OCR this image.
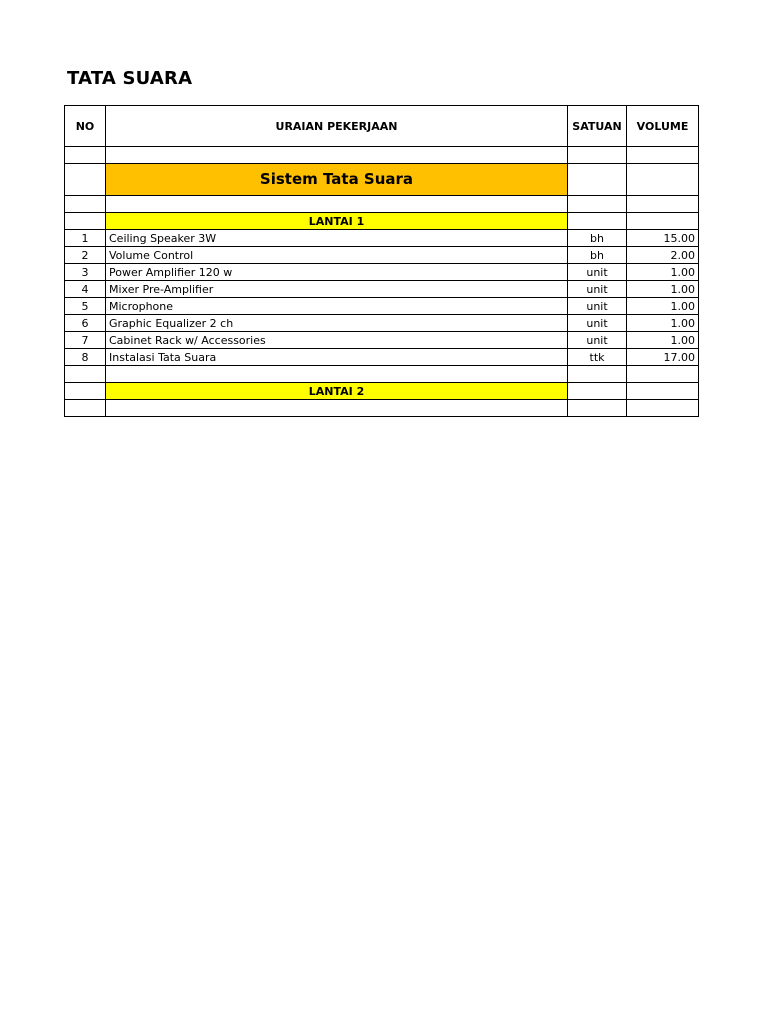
TATA SUARA
NO	URAIAN PEKERJAAN	SATUAN	VOLUME

	Sistem Tata Suara		

	LANTAI 1		
1	Ceiling Speaker 3W	bh	15.00
2	Volume Control	bh	2.00
3	Power Amplifier 120 w	unit	1.00
4	Mixer Pre-Amplifier	unit	1.00
5	Microphone	unit	1.00
6	Graphic Equalizer 2 ch	unit	1.00
7	Cabinet Rack w/ Accessories	unit	1.00
8	Instalasi Tata Suara	ttk	17.00

	LANTAI 2		
